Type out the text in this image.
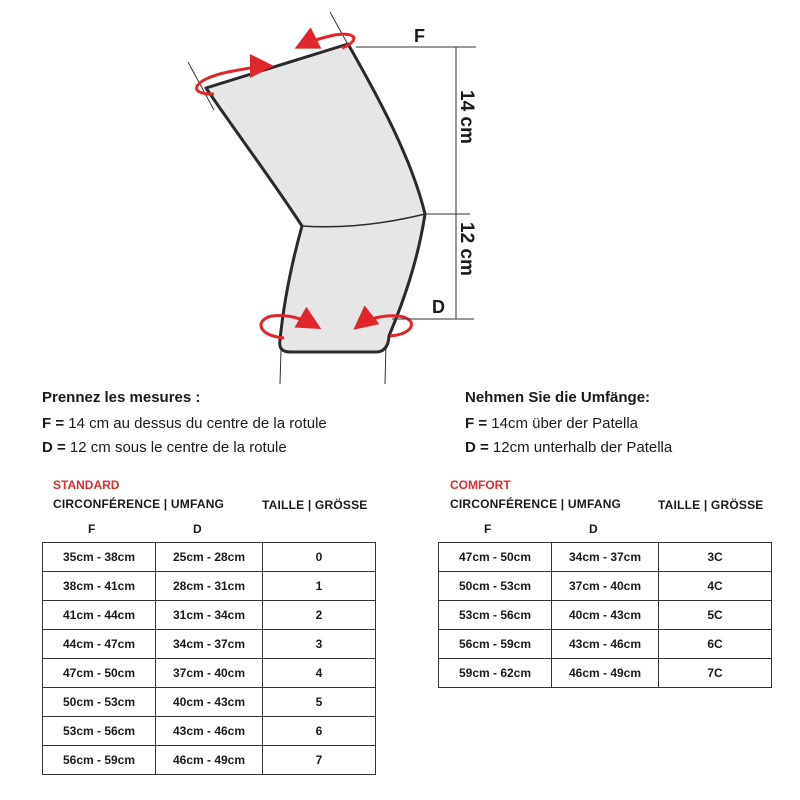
F
D
14 cm
12 cm
Prennez les mesures :
F = 14 cm au dessus du centre de la rotule
D = 12 cm sous le centre de la rotule
Nehmen Sie die Umfänge:
F = 14cm über der Patella
D = 12cm unterhalb der Patella
STANDARD
CIRCONFÉRENCE | UMFANG	TAILLE | GRÖSSE
F	D
35cm - 38cm	25cm - 28cm	0
38cm - 41cm	28cm - 31cm	1
41cm - 44cm	31cm - 34cm	2
44cm - 47cm	34cm - 37cm	3
47cm - 50cm	37cm - 40cm	4
50cm - 53cm	40cm - 43cm	5
53cm - 56cm	43cm - 46cm	6
56cm - 59cm	46cm - 49cm	7
COMFORT
CIRCONFÉRENCE | UMFANG	TAILLE | GRÖSSE
F	D
47cm - 50cm	34cm - 37cm	3C
50cm - 53cm	37cm - 40cm	4C
53cm - 56cm	40cm - 43cm	5C
56cm - 59cm	43cm - 46cm	6C
59cm - 62cm	46cm - 49cm	7C
